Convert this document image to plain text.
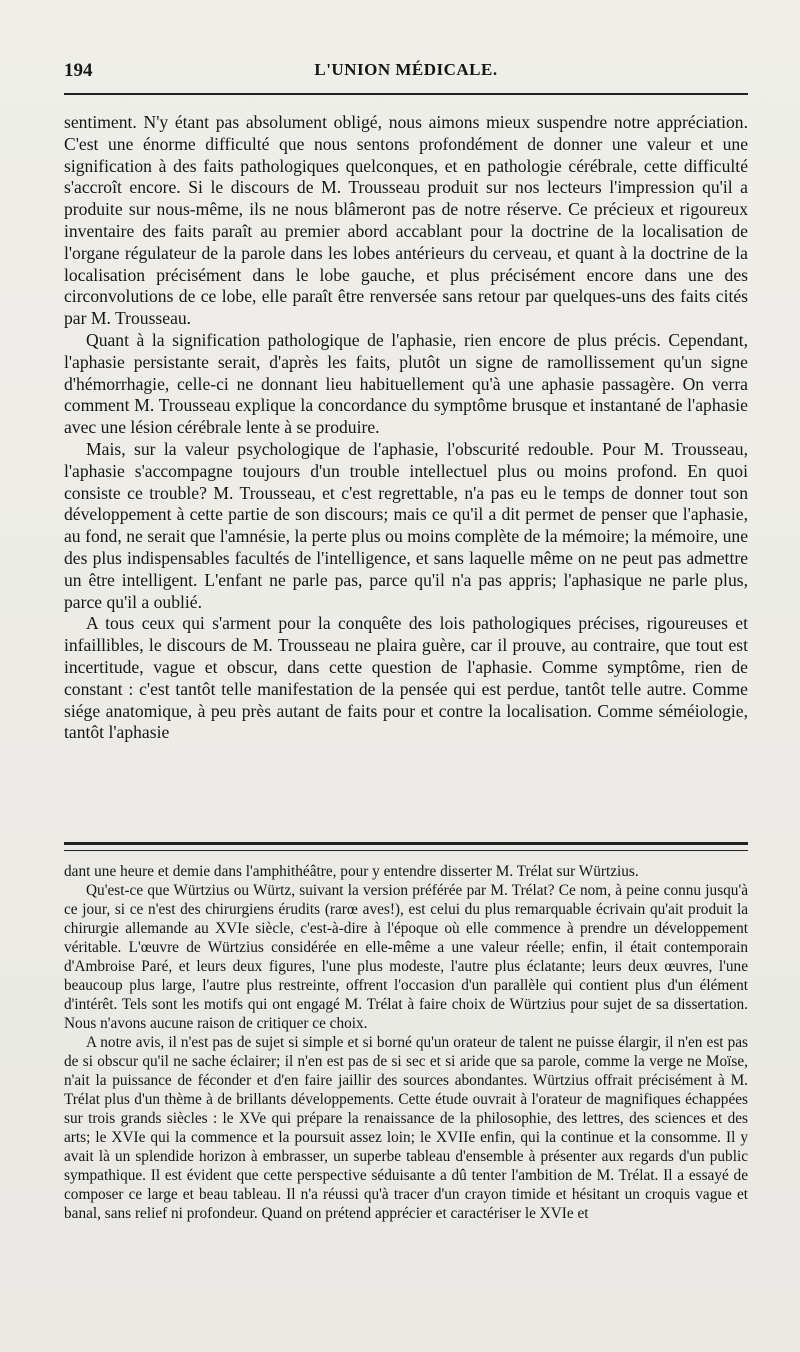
194	L'UNION MÉDICALE.

sentiment. N'y étant pas absolument obligé, nous aimons mieux suspendre notre appréciation. C'est une énorme difficulté que nous sentons profondément de donner une valeur et une signification à des faits pathologiques quelconques, et en pathologie cérébrale, cette difficulté s'accroît encore. Si le discours de M. Trousseau produit sur nos lecteurs l'impression qu'il a produite sur nous-même, ils ne nous blâmeront pas de notre réserve. Ce précieux et rigoureux inventaire des faits paraît au premier abord accablant pour la doctrine de la localisation de l'organe régulateur de la parole dans les lobes antérieurs du cerveau, et quant à la doctrine de la localisation précisément dans le lobe gauche, et plus précisément encore dans une des circonvolutions de ce lobe, elle paraît être renversée sans retour par quelques-uns des faits cités par M. Trousseau.

Quant à la signification pathologique de l'aphasie, rien encore de plus précis. Cependant, l'aphasie persistante serait, d'après les faits, plutôt un signe de ramollissement qu'un signe d'hémorrhagie, celle-ci ne donnant lieu habituellement qu'à une aphasie passagère. On verra comment M. Trousseau explique la concordance du symptôme brusque et instantané de l'aphasie avec une lésion cérébrale lente à se produire.

Mais, sur la valeur psychologique de l'aphasie, l'obscurité redouble. Pour M. Trousseau, l'aphasie s'accompagne toujours d'un trouble intellectuel plus ou moins profond. En quoi consiste ce trouble? M. Trousseau, et c'est regrettable, n'a pas eu le temps de donner tout son développement à cette partie de son discours; mais ce qu'il a dit permet de penser que l'aphasie, au fond, ne serait que l'amnésie, la perte plus ou moins complète de la mémoire; la mémoire, une des plus indispensables facultés de l'intelligence, et sans laquelle même on ne peut pas admettre un être intelligent. L'enfant ne parle pas, parce qu'il n'a pas appris; l'aphasique ne parle plus, parce qu'il a oublié.

A tous ceux qui s'arment pour la conquête des lois pathologiques précises, rigoureuses et infaillibles, le discours de M. Trousseau ne plaira guère, car il prouve, au contraire, que tout est incertitude, vague et obscur, dans cette question de l'aphasie. Comme symptôme, rien de constant : c'est tantôt telle manifestation de la pensée qui est perdue, tantôt telle autre. Comme siége anatomique, à peu près autant de faits pour et contre la localisation. Comme séméiologie, tantôt l'aphasie

dant une heure et demie dans l'amphithéâtre, pour y entendre disserter M. Trélat sur Würtzius.

Qu'est-ce que Würtzius ou Würtz, suivant la version préférée par M. Trélat? Ce nom, à peine connu jusqu'à ce jour, si ce n'est des chirurgiens érudits (rarœ aves!), est celui du plus remarquable écrivain qu'ait produit la chirurgie allemande au XVIe siècle, c'est-à-dire à l'époque où elle commence à prendre un développement véritable. L'œuvre de Würtzius considérée en elle-même a une valeur réelle; enfin, il était contemporain d'Ambroise Paré, et leurs deux figures, l'une plus modeste, l'autre plus éclatante; leurs deux œuvres, l'une beaucoup plus large, l'autre plus restreinte, offrent l'occasion d'un parallèle qui contient plus d'un élément d'intérêt. Tels sont les motifs qui ont engagé M. Trélat à faire choix de Würtzius pour sujet de sa dissertation. Nous n'avons aucune raison de critiquer ce choix.

A notre avis, il n'est pas de sujet si simple et si borné qu'un orateur de talent ne puisse élargir, il n'en est pas de si obscur qu'il ne sache éclairer; il n'en est pas de si sec et si aride que sa parole, comme la verge ne Moïse, n'ait la puissance de féconder et d'en faire jaillir des sources abondantes. Würtzius offrait précisément à M. Trélat plus d'un thème à de brillants développements. Cette étude ouvrait à l'orateur de magnifiques échappées sur trois grands siècles : le XVe qui prépare la renaissance de la philosophie, des lettres, des sciences et des arts; le XVIe qui la commence et la poursuit assez loin; le XVIIe enfin, qui la continue et la consomme. Il y avait là un splendide horizon à embrasser, un superbe tableau d'ensemble à présenter aux regards d'un public sympathique. Il est évident que cette perspective séduisante a dû tenter l'ambition de M. Trélat. Il a essayé de composer ce large et beau tableau. Il n'a réussi qu'à tracer d'un crayon timide et hésitant un croquis vague et banal, sans relief ni profondeur. Quand on prétend apprécier et caractériser le XVIe et
